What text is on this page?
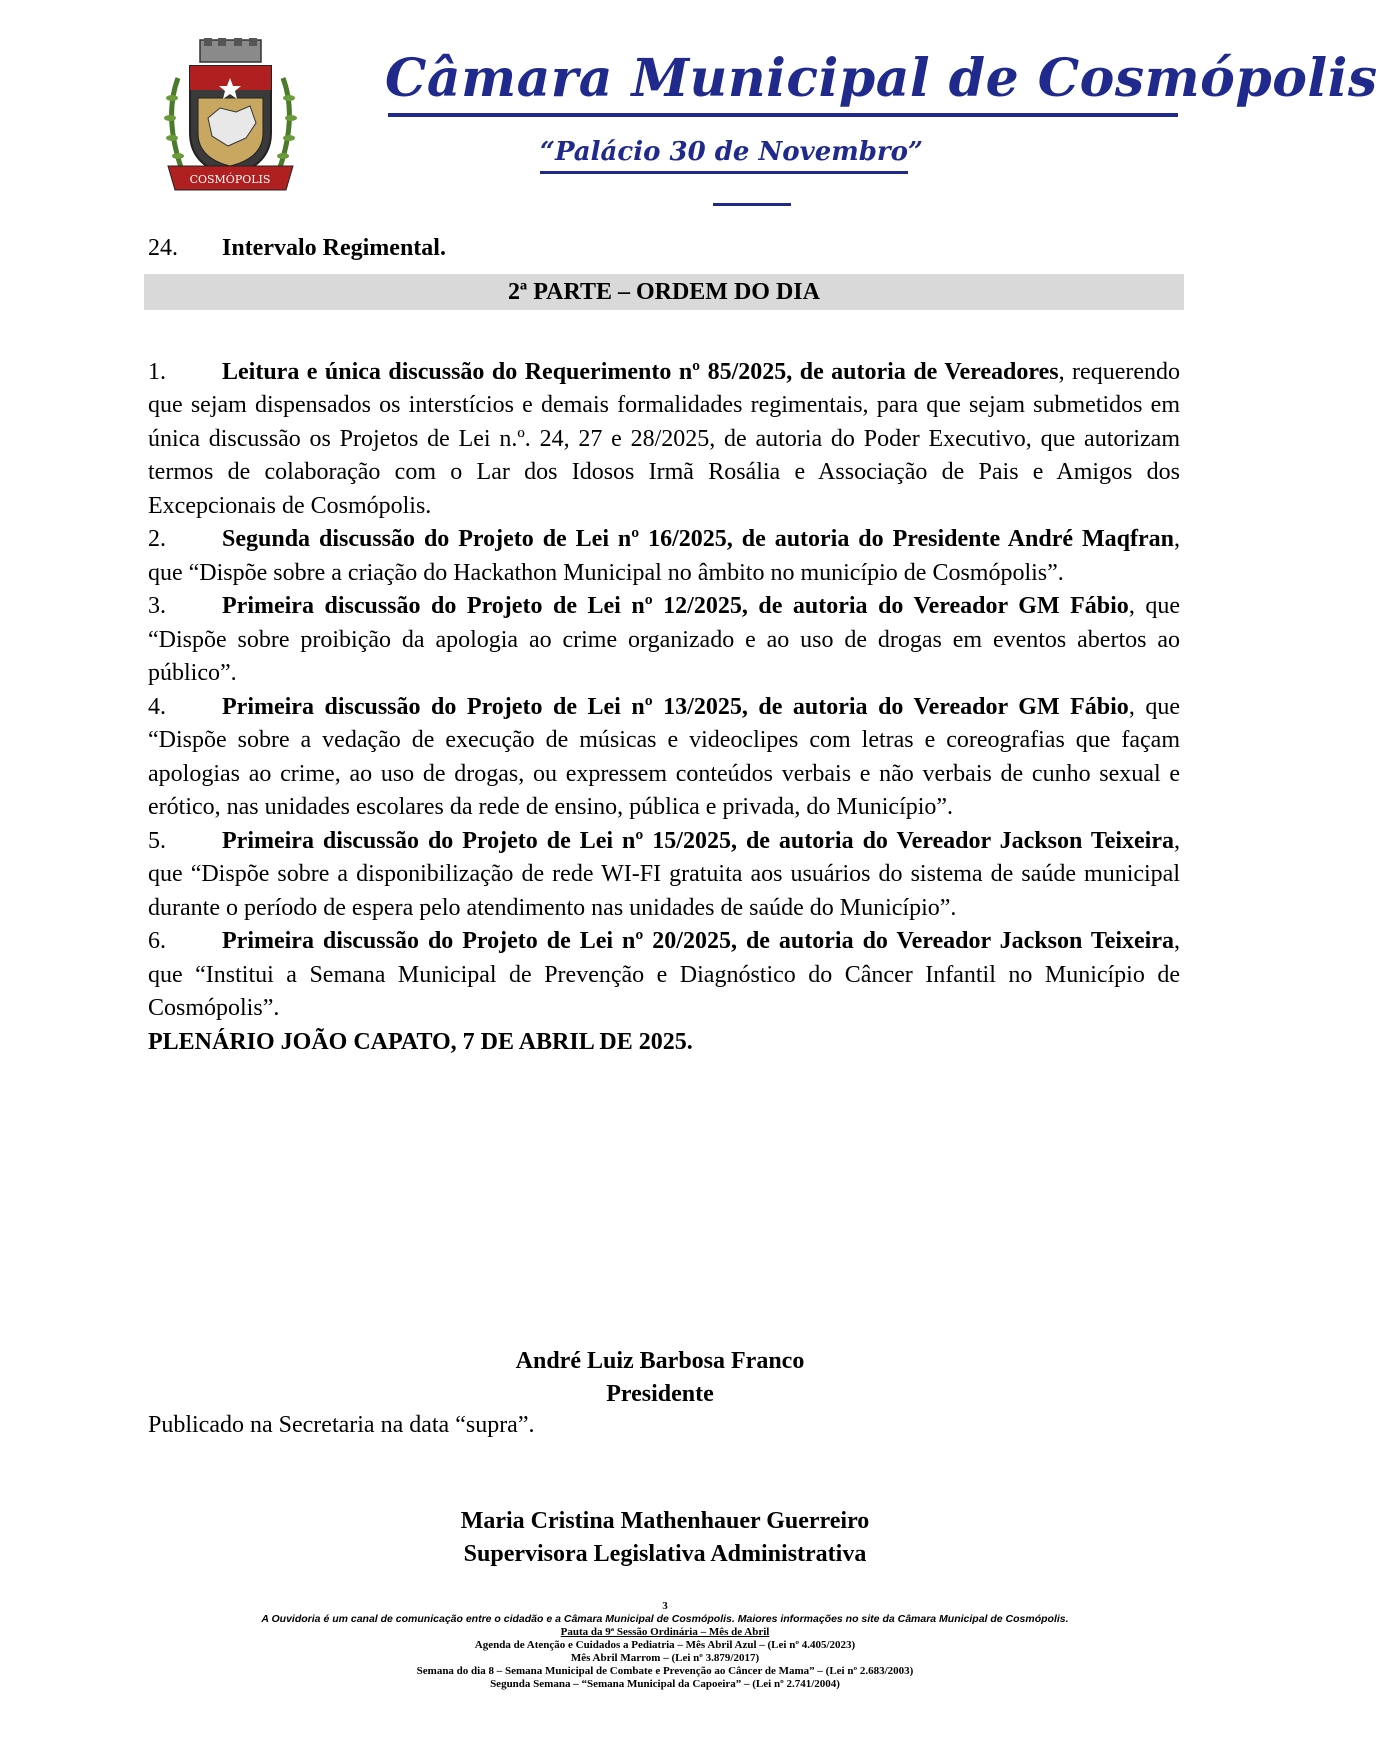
COSMÓPOLIS
Câmara Municipal de Cosmópolis
“Palácio 30 de Novembro”
24. Intervalo Regimental.
2ª PARTE – ORDEM DO DIA
1. Leitura e única discussão do Requerimento nº 85/2025, de autoria de Vereadores, requerendo que sejam dispensados os interstícios e demais formalidades regimentais, para que sejam submetidos em única discussão os Projetos de Lei n.º. 24, 27 e 28/2025, de autoria do Poder Executivo, que autorizam termos de colaboração com o Lar dos Idosos Irmã Rosália e Associação de Pais e Amigos dos Excepcionais de Cosmópolis.
2. Segunda discussão do Projeto de Lei nº 16/2025, de autoria do Presidente André Maqfran, que “Dispõe sobre a criação do Hackathon Municipal no âmbito no município de Cosmópolis”.
3. Primeira discussão do Projeto de Lei nº 12/2025, de autoria do Vereador GM Fábio, que “Dispõe sobre proibição da apologia ao crime organizado e ao uso de drogas em eventos abertos ao público”.
4. Primeira discussão do Projeto de Lei nº 13/2025, de autoria do Vereador GM Fábio, que “Dispõe sobre a vedação de execução de músicas e videoclipes com letras e coreografias que façam apologias ao crime, ao uso de drogas, ou expressem conteúdos verbais e não verbais de cunho sexual e erótico, nas unidades escolares da rede de ensino, pública e privada, do Município”.
5. Primeira discussão do Projeto de Lei nº 15/2025, de autoria do Vereador Jackson Teixeira, que “Dispõe sobre a disponibilização de rede WI-FI gratuita aos usuários do sistema de saúde municipal durante o período de espera pelo atendimento nas unidades de saúde do Município”.
6. Primeira discussão do Projeto de Lei nº 20/2025, de autoria do Vereador Jackson Teixeira, que “Institui a Semana Municipal de Prevenção e Diagnóstico do Câncer Infantil no Município de Cosmópolis”.
PLENÁRIO JOÃO CAPATO, 7 DE ABRIL DE 2025.
André Luiz Barbosa Franco
Presidente
Publicado na Secretaria na data “supra”.
Maria Cristina Mathenhauer Guerreiro
Supervisora Legislativa Administrativa
3
A Ouvidoria é um canal de comunicação entre o cidadão e a Câmara Municipal de Cosmópolis. Maiores informações no site da Câmara Municipal de Cosmópolis.
Pauta da 9ª Sessão Ordinária – Mês de Abril
Agenda de Atenção e Cuidados a Pediatria – Mês Abril Azul – (Lei nº 4.405/2023)
Mês Abril Marrom – (Lei nº 3.879/2017)
Semana do dia 8 – Semana Municipal de Combate e Prevenção ao Câncer de Mama” – (Lei nº 2.683/2003)
Segunda Semana – “Semana Municipal da Capoeira” – (Lei nº 2.741/2004)
